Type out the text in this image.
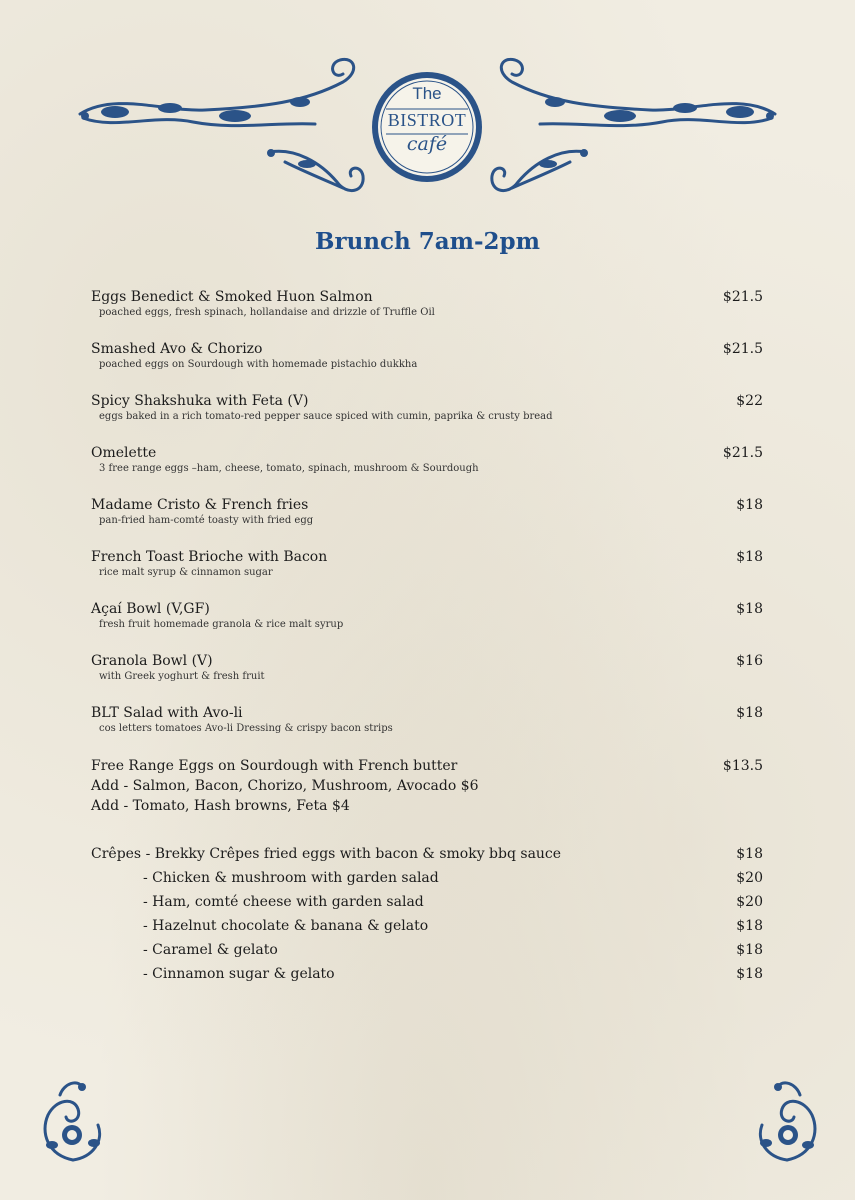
The
BISTROT
café
Brunch 7am-2pm
Eggs Benedict & Smoked Huon Salmon	$21.5
poached eggs, fresh spinach, hollandaise and drizzle of Truffle Oil
Smashed Avo & Chorizo	$21.5
poached eggs on Sourdough with homemade pistachio dukkha
Spicy Shakshuka with Feta (V)	$22
eggs baked in a rich tomato-red pepper sauce spiced with cumin, paprika & crusty bread
Omelette	$21.5
3 free range eggs –ham, cheese, tomato, spinach, mushroom & Sourdough
Madame Cristo & French fries	$18
pan-fried ham-comté toasty with fried egg
French Toast Brioche with Bacon	$18
rice malt syrup & cinnamon sugar
Açaí Bowl (V,GF)	$18
fresh fruit homemade granola & rice malt syrup
Granola Bowl (V)	$16
with Greek yoghurt & fresh fruit
BLT Salad with Avo-li	$18
cos letters tomatoes Avo-li Dressing & crispy bacon strips
Free Range Eggs on Sourdough with French butter	$13.5
Add - Salmon, Bacon, Chorizo, Mushroom, Avocado $6
Add - Tomato, Hash browns, Feta $4
Crêpes - Brekky Crêpes fried eggs with bacon & smoky bbq sauce	$18
- Chicken & mushroom with garden salad	$20
- Ham, comté cheese with garden salad	$20
- Hazelnut chocolate & banana & gelato	$18
- Caramel & gelato	$18
- Cinnamon sugar & gelato	$18
